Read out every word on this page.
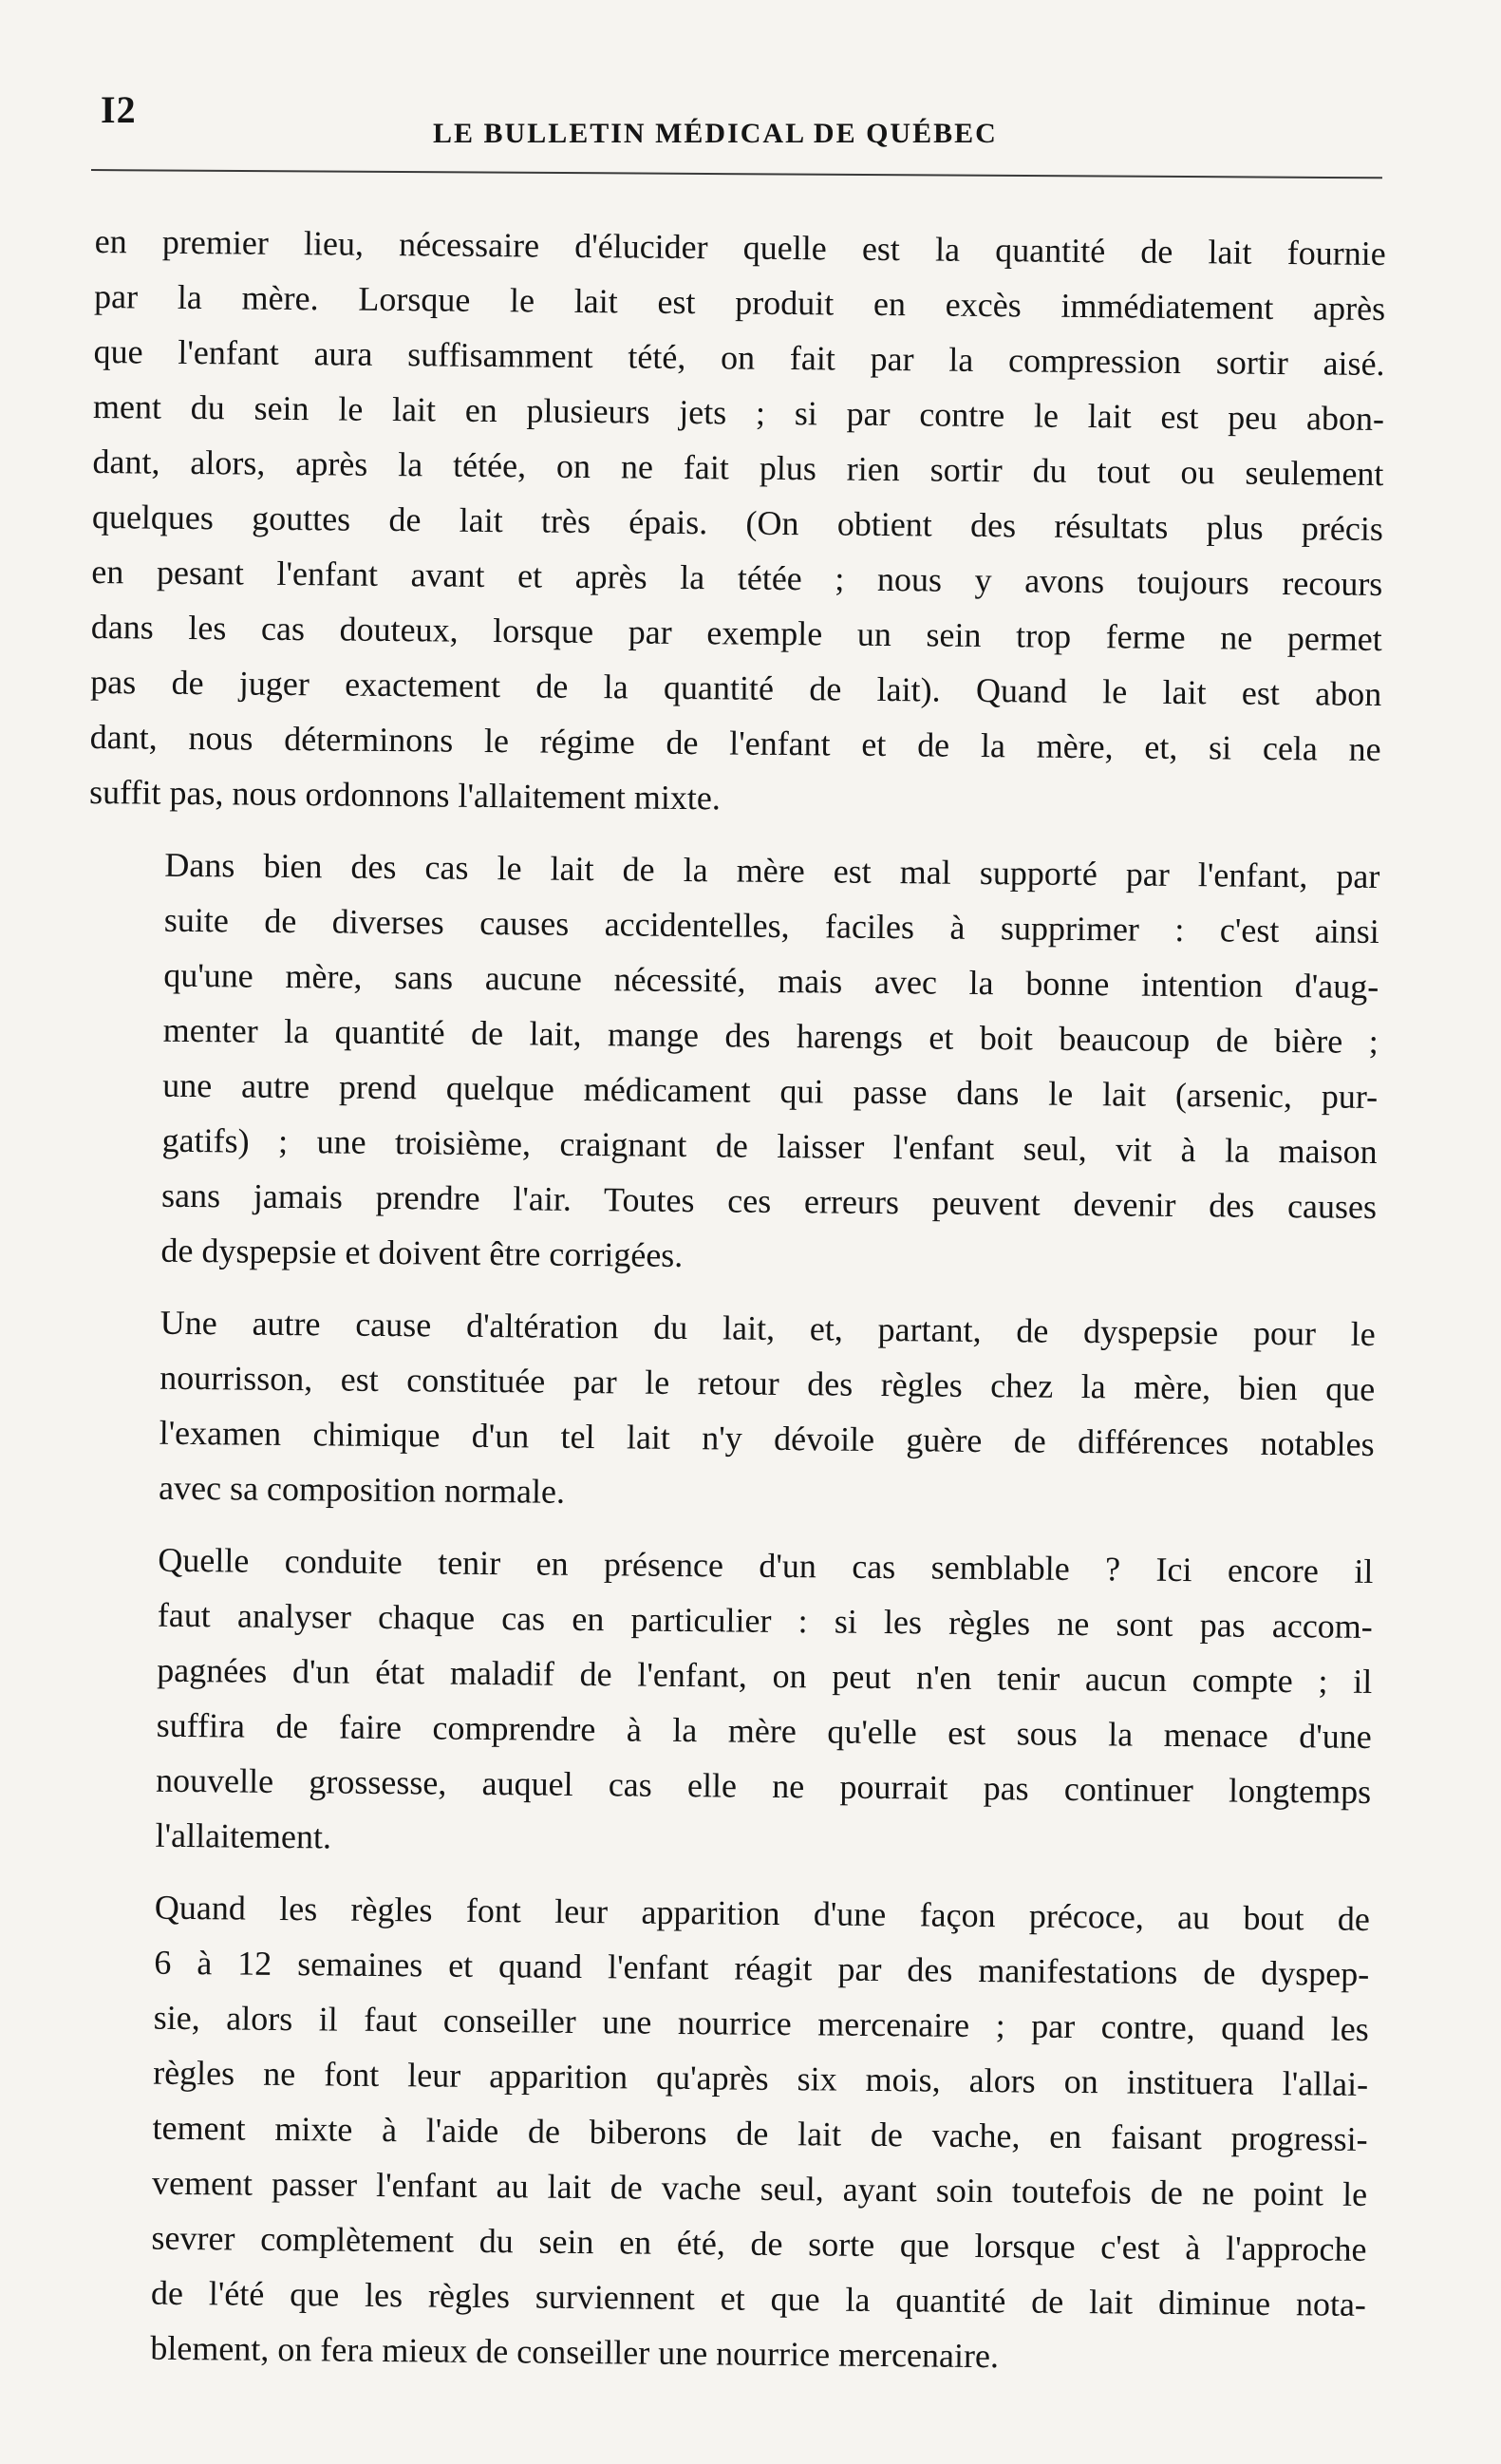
I2
LE BULLETIN MÉDICAL DE QUÉBEC

en premier lieu, nécessaire d'élucider quelle est la quantité de lait fournie
par la mère. Lorsque le lait est produit en excès immédiatement après
que l'enfant aura suffisamment tété, on fait par la compression sortir aisé.
ment du sein le lait en plusieurs jets ; si par contre le lait est peu abon-
dant, alors, après la tétée, on ne fait plus rien sortir du tout ou seulement
quelques gouttes de lait très épais. (On obtient des résultats plus précis
en pesant l'enfant avant et après la tétée ; nous y avons toujours recours
dans les cas douteux, lorsque par exemple un sein trop ferme ne permet
pas de juger exactement de la quantité de lait). Quand le lait est abon
dant, nous déterminons le régime de l'enfant et de la mère, et, si cela ne
suffit pas, nous ordonnons l'allaitement mixte.

Dans bien des cas le lait de la mère est mal supporté par l'enfant, par
suite de diverses causes accidentelles, faciles à supprimer : c'est ainsi
qu'une mère, sans aucune nécessité, mais avec la bonne intention d'aug-
menter la quantité de lait, mange des harengs et boit beaucoup de bière ;
une autre prend quelque médicament qui passe dans le lait (arsenic, pur-
gatifs) ; une troisième, craignant de laisser l'enfant seul, vit à la maison
sans jamais prendre l'air. Toutes ces erreurs peuvent devenir des causes
de dyspepsie et doivent être corrigées.

Une autre cause d'altération du lait, et, partant, de dyspepsie pour le
nourrisson, est constituée par le retour des règles chez la mère, bien que
l'examen chimique d'un tel lait n'y dévoile guère de différences notables
avec sa composition normale.

Quelle conduite tenir en présence d'un cas semblable ? Ici encore il
faut analyser chaque cas en particulier : si les règles ne sont pas accom-
pagnées d'un état maladif de l'enfant, on peut n'en tenir aucun compte ; il
suffira de faire comprendre à la mère qu'elle est sous la menace d'une
nouvelle grossesse, auquel cas elle ne pourrait pas continuer longtemps
l'allaitement.

Quand les règles font leur apparition d'une façon précoce, au bout de
6 à 12 semaines et quand l'enfant réagit par des manifestations de dyspep-
sie, alors il faut conseiller une nourrice mercenaire ; par contre, quand les
règles ne font leur apparition qu'après six mois, alors on instituera l'allai-
tement mixte à l'aide de biberons de lait de vache, en faisant progressi-
vement passer l'enfant au lait de vache seul, ayant soin toutefois de ne point le
sevrer complètement du sein en été, de sorte que lorsque c'est à l'approche
de l'été que les règles surviennent et que la quantité de lait diminue nota-
blement, on fera mieux de conseiller une nourrice mercenaire.
